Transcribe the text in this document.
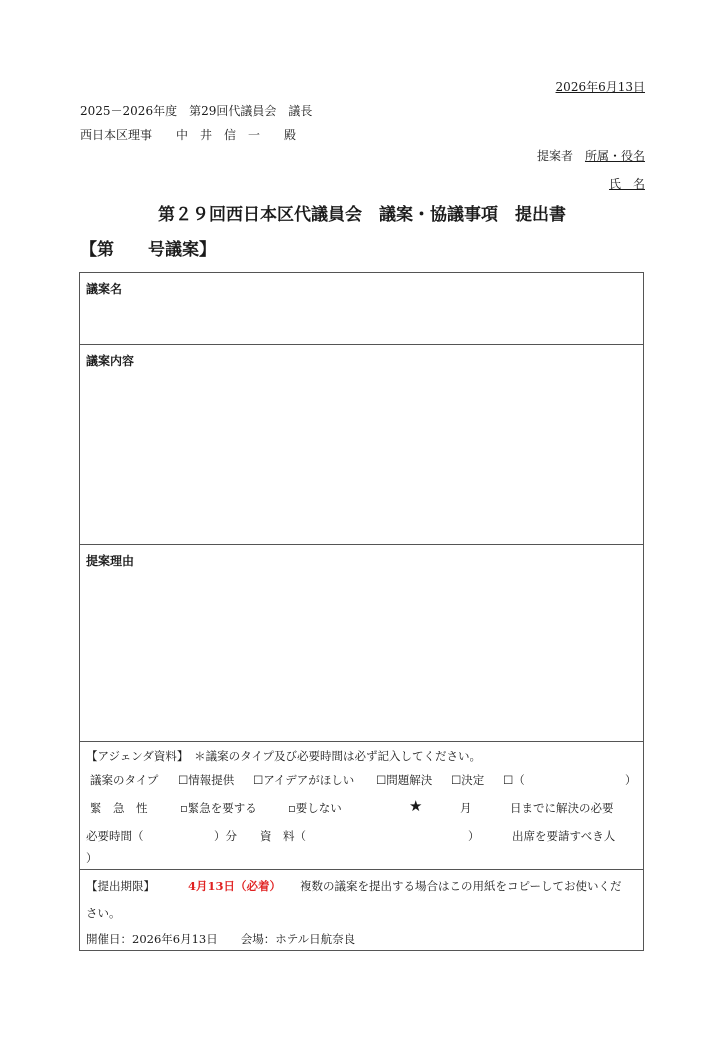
2026年6月13日
2025－2026年度　第29回代議員会　議長
西日本区理事　　中　井　信　一　　殿
提案者　所属・役名
氏　名
第２９回西日本区代議員会　議案・協議事項　提出書
【第　　号議案】
議案名
議案内容
提案理由
【アジェンダ資料】　＊議案のタイプ及び必要時間は必ず記入してください。
議案のタイプ ☐情報提供 ☐アイデアがほしい ☐問題解決 ☐決定 ☐（	）
緊　急　性	▫緊急を要する	▫要しない	★	月	日までに解決の必要
必要時間（	）分 資　料（	）	出席を要請すべき人
）
【提出期限】	4月13日（必着） 複数の議案を提出する場合はこの用紙をコピーしてお使いくだ
さい。
開催日：2026年6月13日　　会場：ホテル日航奈良
